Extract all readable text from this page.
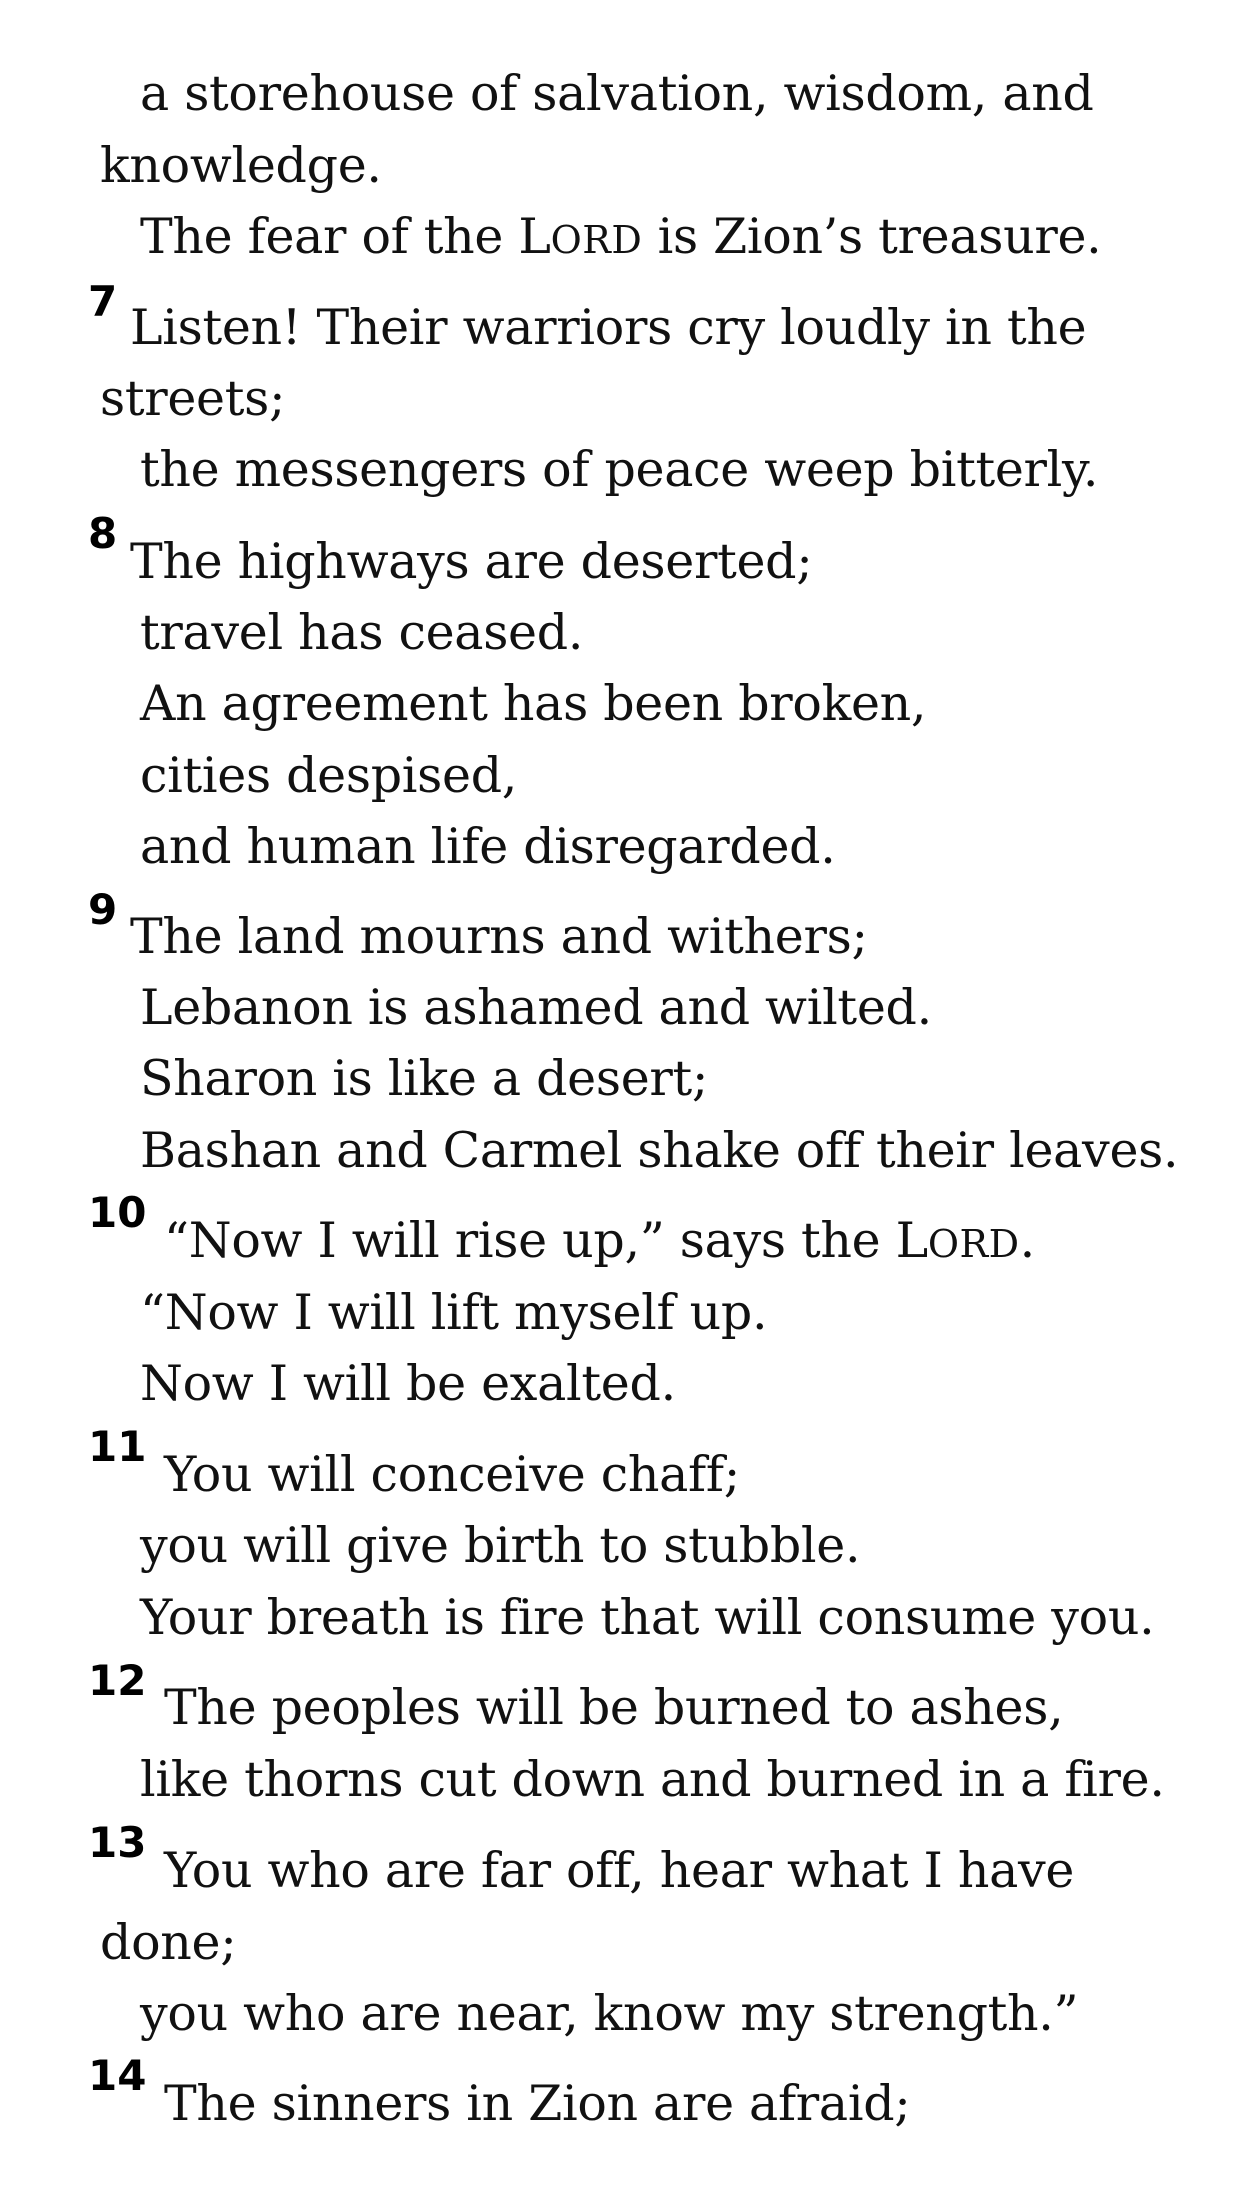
a storehouse of salvation, wisdom, and
knowledge.
The fear of the LORD is Zion’s treasure.
7 Listen! Their warriors cry loudly in the
streets;
the messengers of peace weep bitterly.
8 The highways are deserted;
travel has ceased.
An agreement has been broken,
cities despised,
and human life disregarded.
9 The land mourns and withers;
Lebanon is ashamed and wilted.
Sharon is like a desert;
Bashan and Carmel shake off their leaves.
10 “Now I will rise up,” says the LORD.
“Now I will lift myself up.
Now I will be exalted.
11 You will conceive chaff;
you will give birth to stubble.
Your breath is fire that will consume you.
12 The peoples will be burned to ashes,
like thorns cut down and burned in a fire.
13 You who are far off, hear what I have
done;
you who are near, know my strength.”
14 The sinners in Zion are afraid;
